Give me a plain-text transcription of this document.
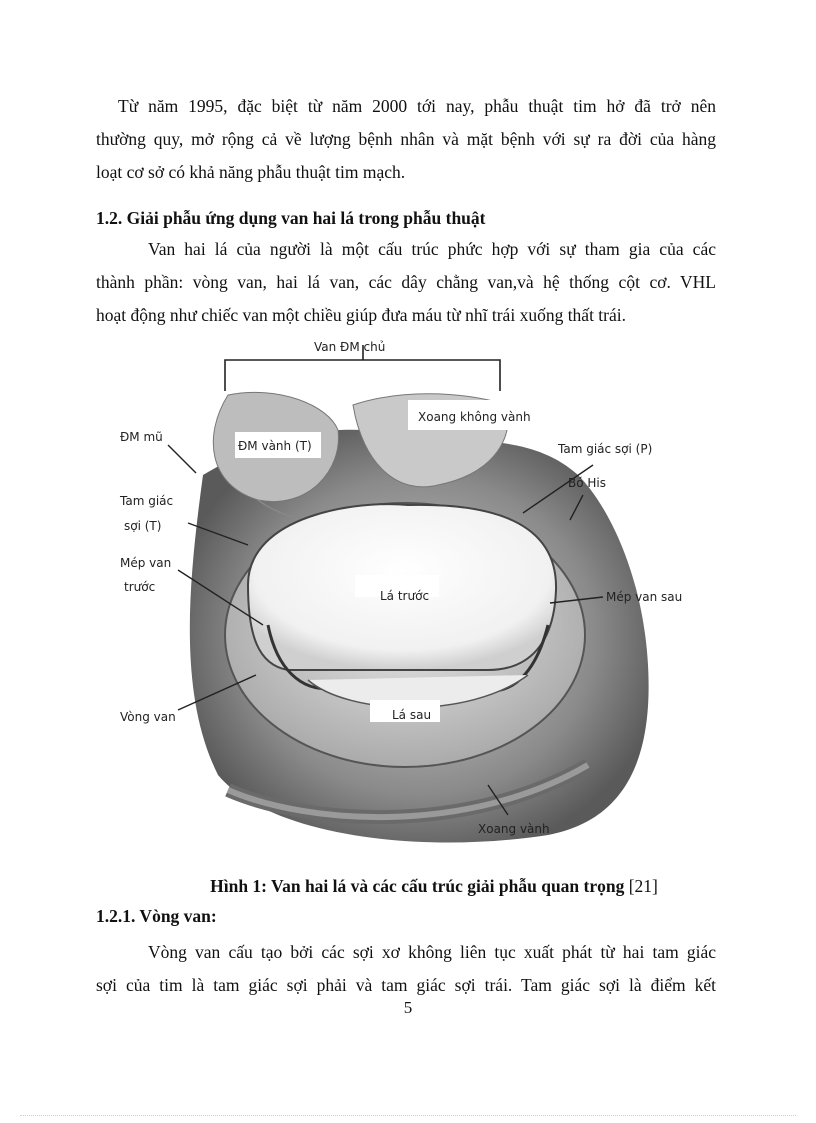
Từ năm 1995, đặc biệt từ năm 2000 tới nay, phẫu thuật tim hở đã trở nên
thường quy, mở rộng cả về lượng bệnh nhân và mặt bệnh với sự ra đời của hàng
loạt cơ sở có khả năng phẫu thuật tim mạch.
1.2. Giải phẫu ứng dụng van hai lá trong phẫu thuật
Van hai lá của người là một cấu trúc phức hợp với sự tham gia của các
thành phần: vòng van, hai lá van, các dây chằng van,và hệ thống cột cơ. VHL
hoạt động như chiếc van một chiều giúp đưa máu từ nhĩ trái xuống thất trái.
Van ĐM chủ
Xoang không vành
ĐM mũ
ĐM vành (T)	Tam giác sợi (P)
Bó His
Tam giác
sợi (T)
Mép van
trước
Lá trước	Mép van sau
Vòng van	Lá sau
Xoang vành

Hình 1: Van hai lá và các cấu trúc giải phẫu quan trọng [21]

1.2.1. Vòng van:
Vòng van cấu tạo bởi các sợi xơ không liên tục xuất phát từ hai tam giác
sợi của tim là tam giác sợi phải và tam giác sợi trái. Tam giác sợi là điểm kết
5
